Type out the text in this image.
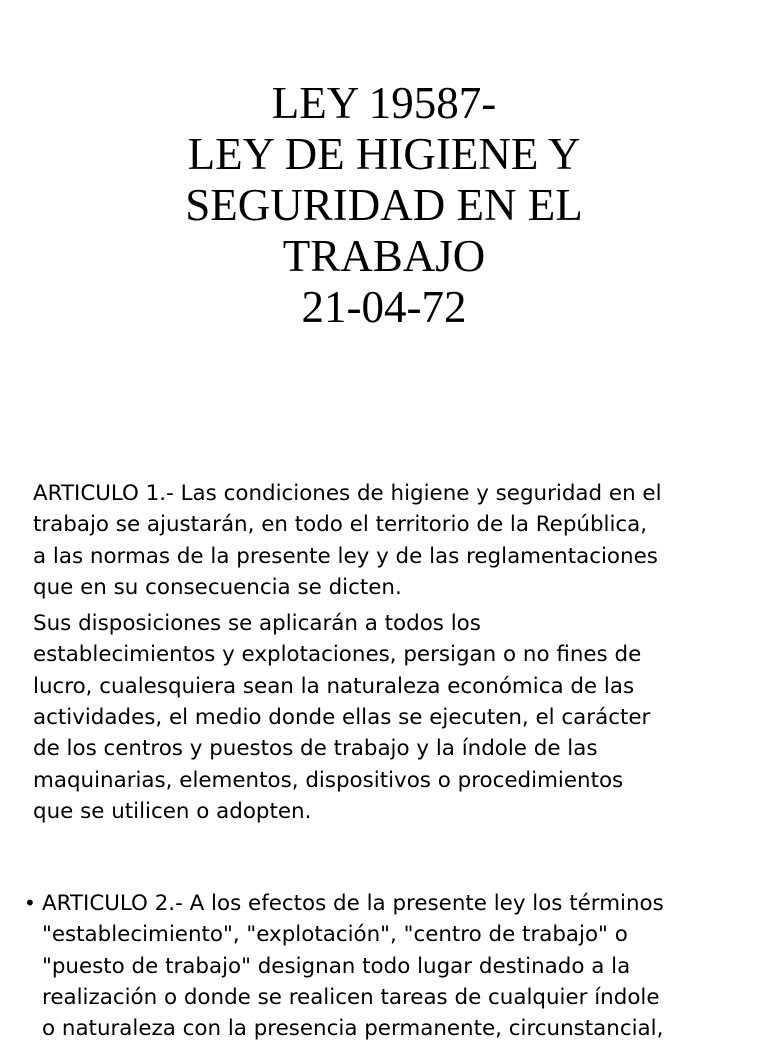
LEY 19587-
LEY DE HIGIENE Y
SEGURIDAD EN EL
TRABAJO
21-04-72

ARTICULO 1.- Las condiciones de higiene y seguridad en el
trabajo se ajustarán, en todo el territorio de la República,
a las normas de la presente ley y de las reglamentaciones
que en su consecuencia se dicten.

Sus disposiciones se aplicarán a todos los
establecimientos y explotaciones, persigan o no fines de
lucro, cualesquiera sean la naturaleza económica de las
actividades, el medio donde ellas se ejecuten, el carácter
de los centros y puestos de trabajo y la índole de las
maquinarias, elementos, dispositivos o procedimientos
que se utilicen o adopten.

• ARTICULO 2.- A los efectos de la presente ley los términos
"establecimiento", "explotación", "centro de trabajo" o
"puesto de trabajo" designan todo lugar destinado a la
realización o donde se realicen tareas de cualquier índole
o naturaleza con la presencia permanente, circunstancial,
